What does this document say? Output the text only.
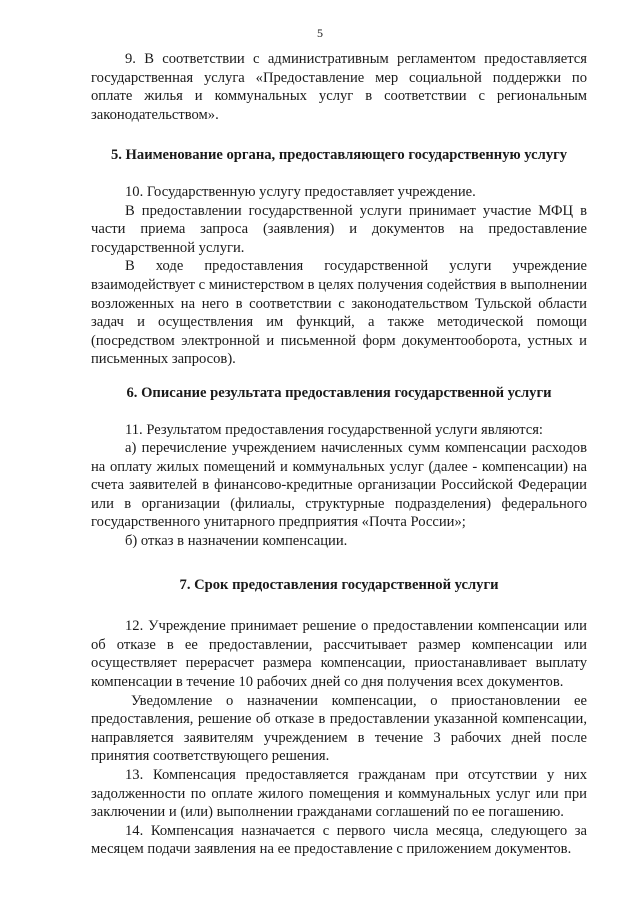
5

9. В соответствии с административным регламентом предоставляется государственная услуга «Предоставление мер социальной поддержки по оплате жилья и коммунальных услуг в соответствии с региональным законодательством».

5. Наименование органа, предоставляющего государственную услугу

10. Государственную услугу предоставляет учреждение.

В предоставлении государственной услуги принимает участие МФЦ в части приема запроса (заявления) и документов на предоставление государственной услуги.

В ходе предоставления государственной услуги учреждение взаимодействует с министерством в целях получения содействия в выполнении возложенных на него в соответствии с законодательством Тульской области задач и осуществления им функций, а также методической помощи (посредством электронной и письменной форм документооборота, устных и письменных запросов).

6. Описание результата предоставления государственной услуги

11. Результатом предоставления государственной услуги являются:

а) перечисление учреждением начисленных сумм компенсации расходов на оплату жилых помещений и коммунальных услуг (далее - компенсации) на счета заявителей в финансово-кредитные организации Российской Федерации или в организации (филиалы, структурные подразделения) федерального государственного унитарного предприятия «Почта России»;

б) отказ в назначении компенсации.

7. Срок предоставления государственной услуги

12. Учреждение принимает решение о предоставлении компенсации или об отказе в ее предоставлении, рассчитывает размер компенсации или осуществляет перерасчет размера компенсации, приостанавливает выплату компенсации в течение 10 рабочих дней со дня получения всех документов.

Уведомление о назначении компенсации, о приостановлении ее предоставления, решение об отказе в предоставлении указанной компенсации, направляется заявителям учреждением в течение 3 рабочих дней после принятия соответствующего решения.

13. Компенсация предоставляется гражданам при отсутствии у них задолженности по оплате жилого помещения и коммунальных услуг или при заключении и (или) выполнении гражданами соглашений по ее погашению.

14. Компенсация назначается с первого числа месяца, следующего за месяцем подачи заявления на ее предоставление с приложением документов.
